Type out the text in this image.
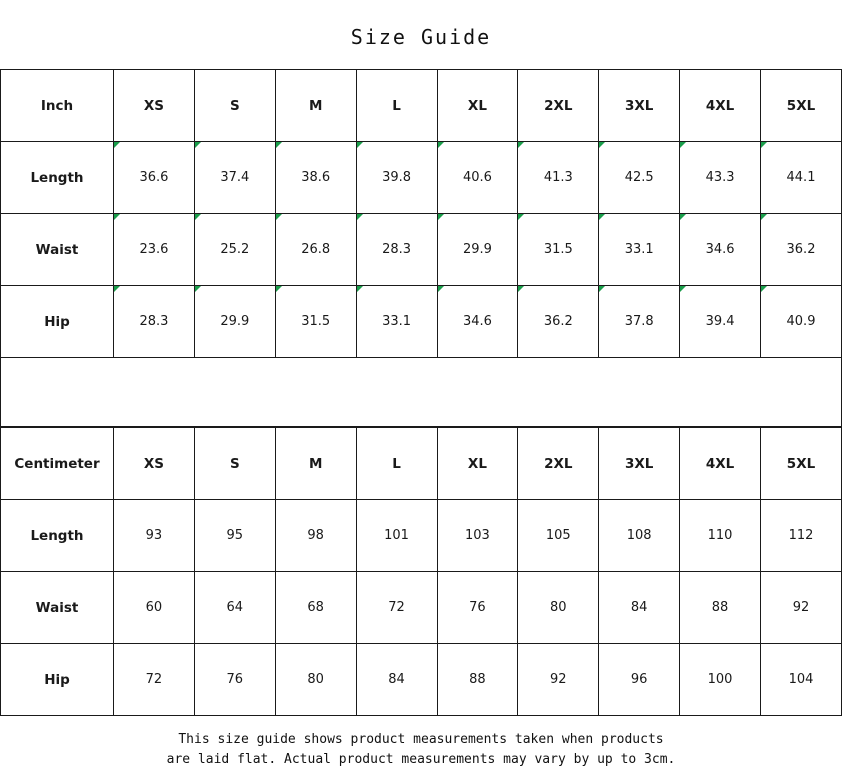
Size Guide
Inch	XS	S	M	L	XL	2XL	3XL	4XL	5XL
Length	36.6	37.4	38.6	39.8	40.6	41.3	42.5	43.3	44.1
Waist	23.6	25.2	26.8	28.3	29.9	31.5	33.1	34.6	36.2
Hip	28.3	29.9	31.5	33.1	34.6	36.2	37.8	39.4	40.9
Centimeter	XS	S	M	L	XL	2XL	3XL	4XL	5XL
Length	93	95	98	101	103	105	108	110	112
Waist	60	64	68	72	76	80	84	88	92
Hip	72	76	80	84	88	92	96	100	104
This size guide shows product measurements taken when products
are laid flat. Actual product measurements may vary by up to 3cm.
